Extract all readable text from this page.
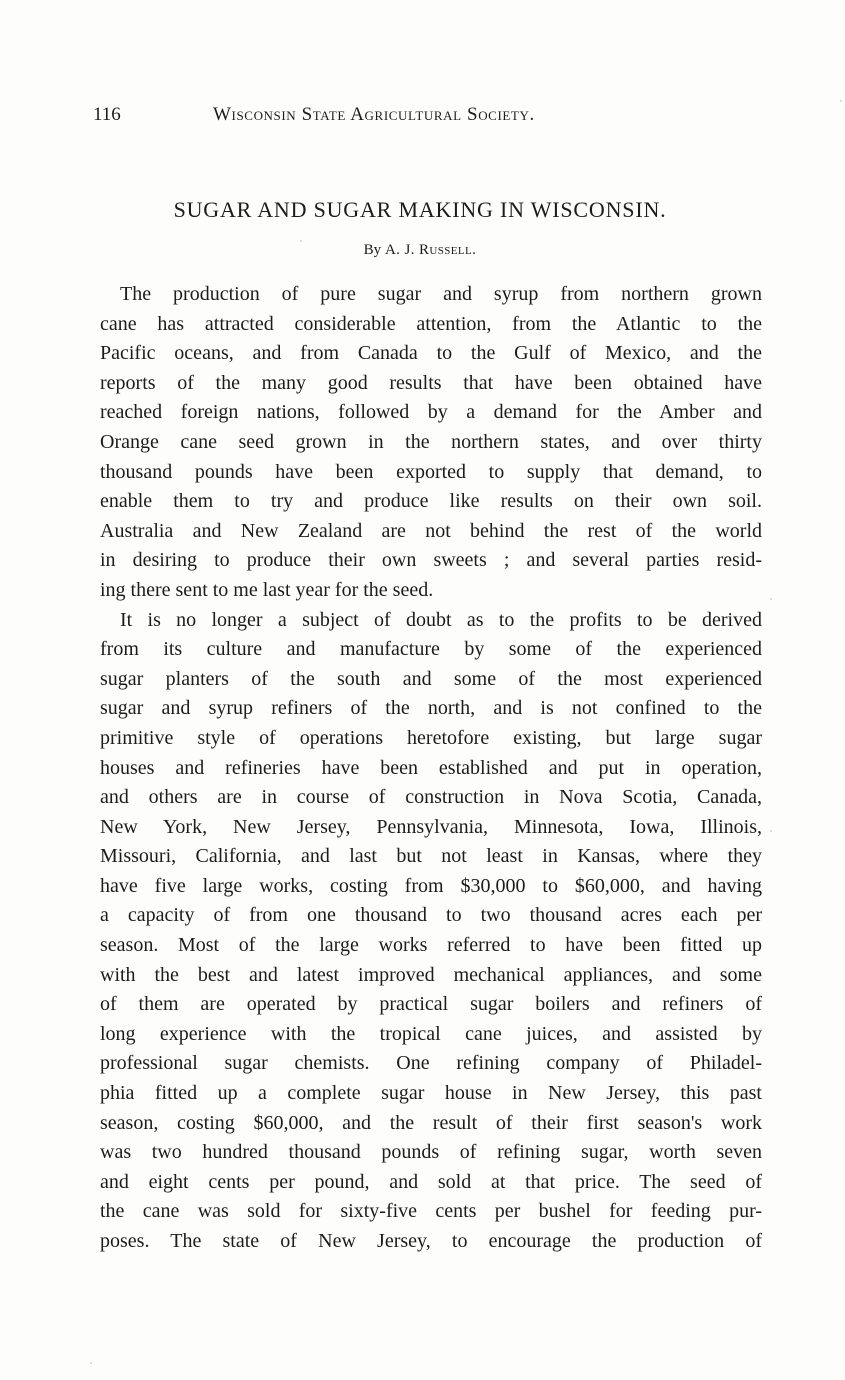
116	Wisconsin State Agricultural Society.
SUGAR AND SUGAR MAKING IN WISCONSIN.
By A. J. Russell.
The production of pure sugar and syrup from northern grown
cane has attracted considerable attention, from the Atlantic to the
Pacific oceans, and from Canada to the Gulf of Mexico, and the
reports of the many good results that have been obtained have
reached foreign nations, followed by a demand for the Amber and
Orange cane seed grown in the northern states, and over thirty
thousand pounds have been exported to supply that demand, to
enable them to try and produce like results on their own soil.
Australia and New Zealand are not behind the rest of the world
in desiring to produce their own sweets ; and several parties resid-
ing there sent to me last year for the seed.
It is no longer a subject of doubt as to the profits to be derived
from its culture and manufacture by some of the experienced
sugar planters of the south and some of the most experienced
sugar and syrup refiners of the north, and is not confined to the
primitive style of operations heretofore existing, but large sugar
houses and refineries have been established and put in operation,
and others are in course of construction in Nova Scotia, Canada,
New York, New Jersey, Pennsylvania, Minnesota, Iowa, Illinois,
Missouri, California, and last but not least in Kansas, where they
have five large works, costing from $30,000 to $60,000, and having
a capacity of from one thousand to two thousand acres each per
season. Most of the large works referred to have been fitted up
with the best and latest improved mechanical appliances, and some
of them are operated by practical sugar boilers and refiners of
long experience with the tropical cane juices, and assisted by
professional sugar chemists. One refining company of Philadel-
phia fitted up a complete sugar house in New Jersey, this past
season, costing $60,000, and the result of their first season's work
was two hundred thousand pounds of refining sugar, worth seven
and eight cents per pound, and sold at that price. The seed of
the cane was sold for sixty-five cents per bushel for feeding pur-
poses. The state of New Jersey, to encourage the production of
